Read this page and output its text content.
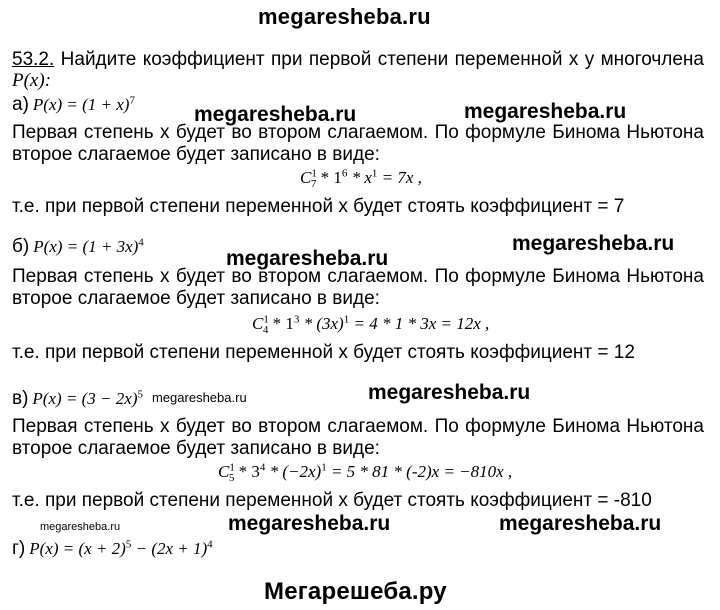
megaresheba.ru
53.2. Найдите коэффициент при первой степени переменной х у многочлена
P(x):
а) $P(x) = (1 + x)^7$
megaresheba.ru	megaresheba.ru
Первая степень х будет во втором слагаемом. По формуле Бинома Ньютона
второе слагаемое будет записано в виде:
$C^1_7 * 1^6 * x^1 = 7x$ ,
т.е. при первой степени переменной х будет стоять коэффициент = 7
б) $P(x) = (1 + 3x)^4$
megaresheba.ru
megaresheba.ru
Первая степень х будет во втором слагаемом. По формуле Бинома Ньютона
второе слагаемое будет записано в виде:
$C^1_4 * 1^3 * (3x)^1 = 4 * 1 * 3x = 12x$ ,
т.е. при первой степени переменной х будет стоять коэффициент = 12
в) $P(x) = (3 - 2x)^5$ megaresheba.ru	megaresheba.ru
Первая степень х будет во втором слагаемом. По формуле Бинома Ньютона
второе слагаемое будет записано в виде:
$C^1_5 * 3^4 * (-2x)^1 = 5 * 81 * (-2)x = -810x$ ,
т.е. при первой степени переменной х будет стоять коэффициент = -810
megaresheba.ru	megaresheba.ru	megaresheba.ru
г) $P(x) = (x + 2)^5 - (2x + 1)^4$
Мегарешеба.ру
